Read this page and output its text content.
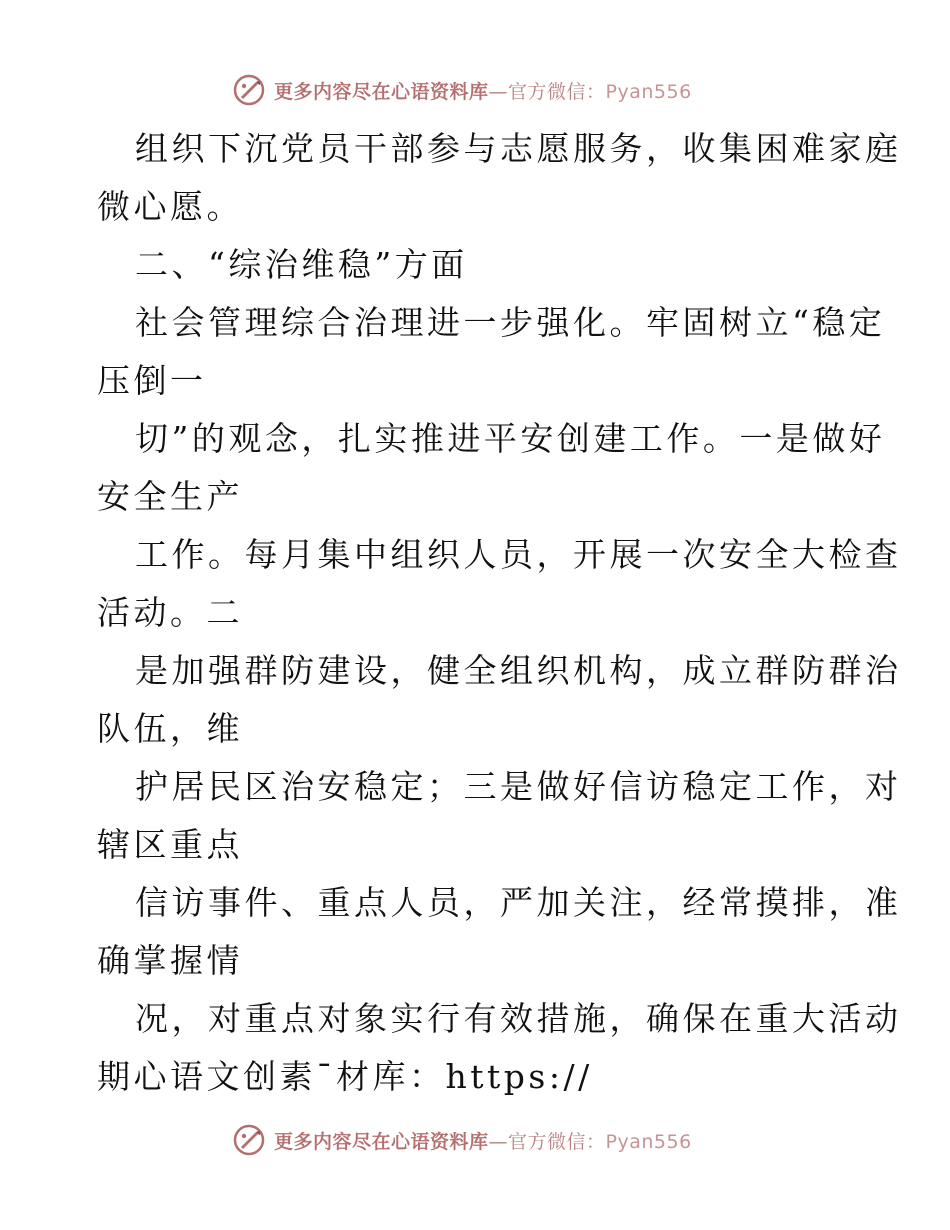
更多内容尽在心语资料库—官方微信：Pyan556
组织下沉党员干部参与志愿服务，收集困难家庭
微心愿。
二、“综治维稳”方面
社会管理综合治理进一步强化。牢固树立“稳定
压倒一
切”的观念，扎实推进平安创建工作。一是做好
安全生产
工作。每月集中组织人员，开展一次安全大检查
活动。二
是加强群防建设，健全组织机构，成立群防群治
队伍，维
护居民区治安稳定；三是做好信访稳定工作，对
辖区重点
信访事件、重点人员，严加关注，经常摸排，准
确掌握情
况，对重点对象实行有效措施，确保在重大活动
期心语文创素¯材库：https://
更多内容尽在心语资料库—官方微信：Pyan556
